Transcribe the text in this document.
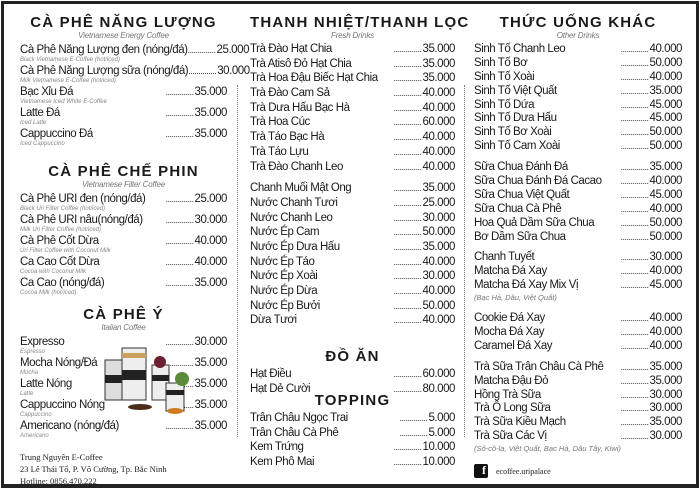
CÀ PHÊ NĂNG LƯỢNG
Vietnamese Energy Coffee
Cà Phê Năng Lượng đen (nóng/đá)	..... 25.000
Black Vietnamese E-Coffee (hot/iced)
Cà Phê Năng Lượng sữa (nóng/đá)	..... 30.000
Milk Vietnamese E-Coffee (hot/iced)
Bạc Xỉu Đá	..... 35.000
Vietnamese Iced White E-Coffee
Latte Đá	..... 35.000
Iced Latte
Cappuccino Đá	..... 35.000
Iced Cappuccino
CÀ PHÊ CHẾ PHIN
Vietnamese Filter Coffee
Cà Phê URI đen (nóng/đá)	..... 25.000
Black Uri Filter Coffee (hot/iced)
Cà Phê URI nâu(nóng/đá)	..... 30.000
Milk Uri Filter Coffee (hot/iced)
Cà Phê Cốt Dừa	..... 40.000
Uri Filter Coffee with Coconut Milk
Ca Cao Cốt Dừa	..... 40.000
Cocoa with Coconut Milk
Ca Cao (nóng/đá)	..... 35.000
Cocoa Milk (hot/iced)
CÀ PHÊ Ý
Italian Coffee
Expresso	..... 30.000
Espresso
Mocha Nóng/Đá	..... 35.000
Mocha
Latte Nóng	..... 35.000
Latte
Cappuccino Nóng	..... 35.000
Cappuccino
Americano (nóng/đá)	..... 35.000
Americano
THANH NHIỆT/THANH LỌC
Fresh Drinks
Trà Đào Hạt Chia	..... 35.000
Trà Atisô Đỏ Hạt Chia	..... 35.000
Trà Hoa Đậu Biếc Hạt Chia	..... 35.000
Trà Đào Cam Sả	..... 40.000
Trà Dưa Hấu Bạc Hà	..... 40.000
Trà Hoa Cúc	..... 60.000
Trà Táo Bạc Hà	..... 40.000
Trà Táo Lựu	..... 40.000
Trà Đào Chanh Leo	..... 40.000
Chanh Muối Mật Ong	..... 35.000
Nước Chanh Tươi	..... 25.000
Nước Chanh Leo	..... 30.000
Nước Ép Cam	..... 50.000
Nước Ép Dưa Hấu	..... 35.000
Nước Ép Táo	..... 40.000
Nước Ép Xoài	..... 30.000
Nước Ép Dừa	..... 40.000
Nước Ép Bưởi	..... 50.000
Dừa Tươi	..... 40.000
ĐỒ ĂN
Hạt Điều	..... 60.000
Hạt Dẻ Cười	..... 80.000
TOPPING
Trân Châu Ngọc Trai	..... 5.000
Trân Châu Cà Phê	..... 5.000
Kem Trứng	..... 10.000
Kem Phô Mai	..... 10.000
THỨC UỐNG KHÁC
Other Drinks
Sinh Tố Chanh Leo	..... 40.000
Sinh Tố Bơ	..... 50.000
Sinh Tố Xoài	..... 40.000
Sinh Tố Việt Quất	..... 35.000
Sinh Tố Dứa	..... 45.000
Sinh Tố Dưa Hấu	..... 45.000
Sinh Tố Bơ Xoài	..... 50.000
Sinh Tố Cam Xoài	..... 50.000
Sữa Chua Đánh Đá	..... 35.000
Sữa Chua Đánh Đá Cacao	..... 40.000
Sữa Chua Việt Quất	..... 45.000
Sữa Chua Cà Phê	..... 40.000
Hoa Quả Dầm Sữa Chua	..... 50.000
Bơ Dầm Sữa Chua	..... 50.000
Chanh Tuyết	..... 30.000
Matcha Đá Xay	..... 40.000
Matcha Đá Xay Mix Vị	..... 45.000
(Bạc Hà, Dâu, Việt Quất)
Cookie Đá Xay	..... 40.000
Mocha Đá Xay	..... 40.000
Caramel Đá Xay	..... 40.000
Trà Sữa Trân Châu Cà Phê	..... 35.000
Matcha Đậu Đỏ	..... 35.000
Hồng Trà Sữa	..... 30.000
Trà Ô Long Sữa	..... 30.000
Trà Sữa Kiều Mạch	..... 35.000
Trà Sữa Các Vị	..... 30.000
(Sô-cô-la, Việt Quất, Bạc Hà, Dâu Tây, Kiwi)
Trung Nguyên E-Coffee
23 Lê Thái Tổ, P. Võ Cường, Tp. Bắc Ninh
Hotline: 0856.470.222
f ecoffee.uripalace
